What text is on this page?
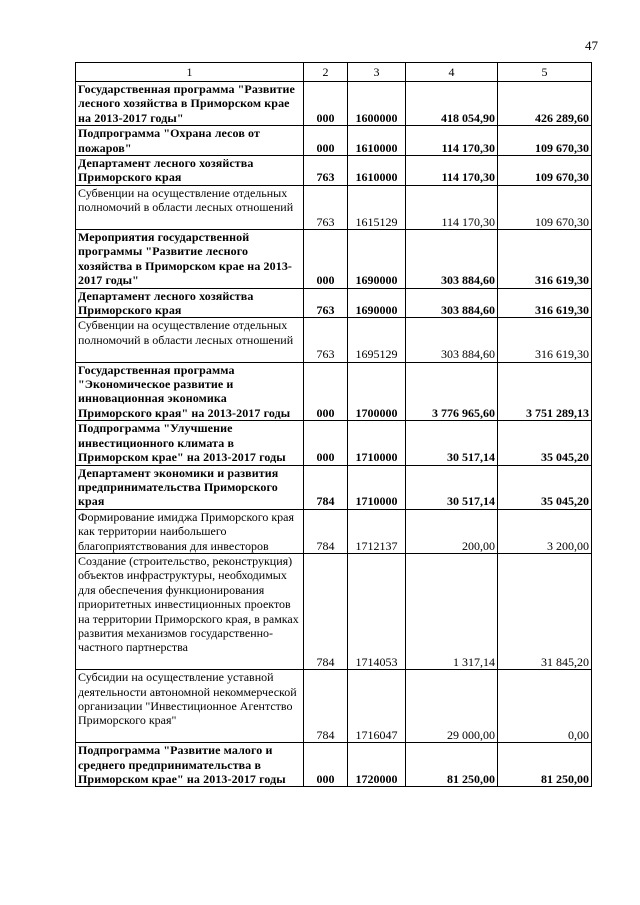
47
1	2	3	4	5
Государственная программа "Развитие лесного хозяйства в Приморском крае на 2013-2017 годы"	000	1600000	418 054,90	426 289,60
Подпрограмма "Охрана лесов от пожаров"	000	1610000	114 170,30	109 670,30
Департамент лесного хозяйства Приморского края	763	1610000	114 170,30	109 670,30
Субвенции на осуществление отдельных полномочий в области лесных отношений	763	1615129	114 170,30	109 670,30
Мероприятия государственной программы "Развитие лесного хозяйства в Приморском крае на 2013-2017 годы"	000	1690000	303 884,60	316 619,30
Департамент лесного хозяйства Приморского края	763	1690000	303 884,60	316 619,30
Субвенции на осуществление отдельных полномочий в области лесных отношений	763	1695129	303 884,60	316 619,30
Государственная программа "Экономическое развитие и инновационная экономика Приморского края" на 2013-2017 годы	000	1700000	3 776 965,60	3 751 289,13
Подпрограмма "Улучшение инвестиционного климата в Приморском крае" на 2013-2017 годы	000	1710000	30 517,14	35 045,20
Департамент экономики и развития предпринимательства Приморского края	784	1710000	30 517,14	35 045,20
Формирование имиджа Приморского края как территории наибольшего благоприятствования для инвесторов	784	1712137	200,00	3 200,00
Создание (строительство, реконструкция) объектов инфраструктуры, необходимых для обеспечения функционирования приоритетных инвестиционных проектов на территории Приморского края, в рамках развития механизмов государственно-частного партнерства	784	1714053	1 317,14	31 845,20
Субсидии на осуществление уставной деятельности автономной некоммерческой организации "Инвестиционное Агентство Приморского края"	784	1716047	29 000,00	0,00
Подпрограмма "Развитие малого и среднего предпринимательства в Приморском крае" на 2013-2017 годы	000	1720000	81 250,00	81 250,00
